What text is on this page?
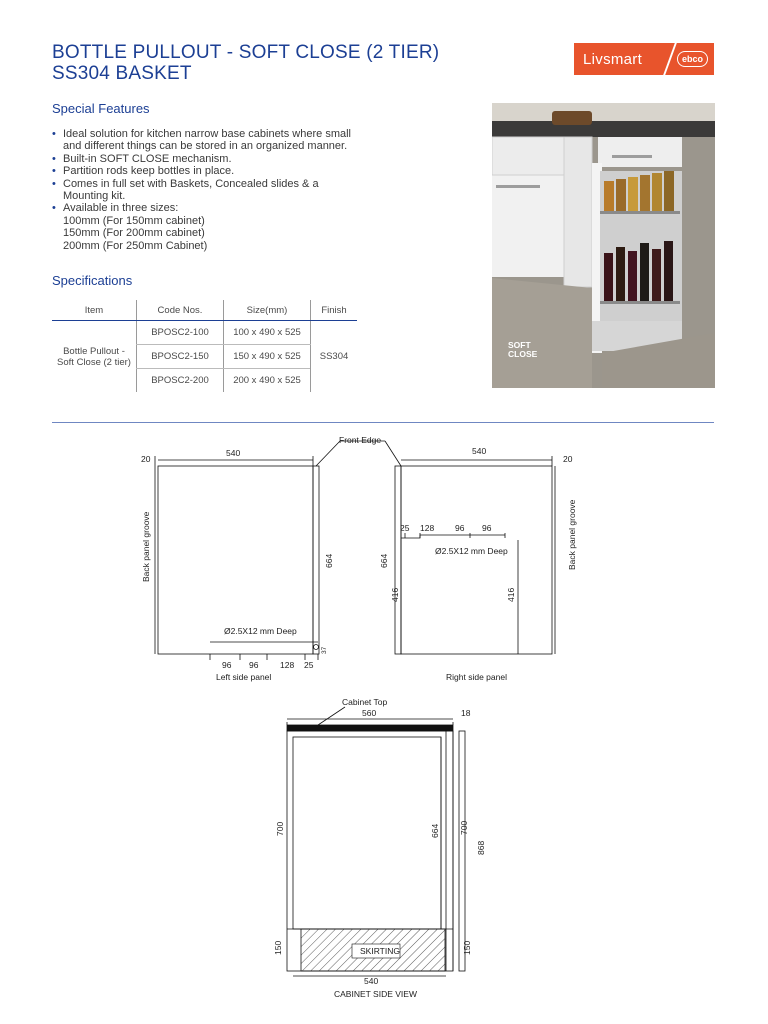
BOTTLE PULLOUT - SOFT CLOSE (2 TIER)
SS304 BASKET
Livsmart	ebco
Special Features
• Ideal solution for kitchen narrow base cabinets where small and different things can be stored in an organized manner.
• Built-in SOFT CLOSE mechanism.
• Partition rods keep bottles in place.
• Comes in full set with Baskets, Concealed slides & a Mounting kit.
• Available in three sizes:
100mm (For 150mm cabinet)
150mm (For 200mm cabinet)
200mm (For 250mm Cabinet)
Specifications
Item	Code Nos.	Size(mm)	Finish
Bottle Pullout - Soft Close (2 tier)	BPOSC2-100	100 x 490 x 525	SS304
	BPOSC2-150	150 x 490 x 525	
	BPOSC2-200	200 x 490 x 525	
SOFT
CLOSE
Front Edge
20
540
Back panel groove	664
Ø2.5X12 mm Deep
96 96	128 25
37
Left side panel
540
20
25 128 96 96
Ø2.5X12 mm Deep
664
416	416
Back panel groove
Right side panel
Cabinet Top
560	18
700	664 700
868
150	SKIRTING	150
540
CABINET SIDE VIEW
